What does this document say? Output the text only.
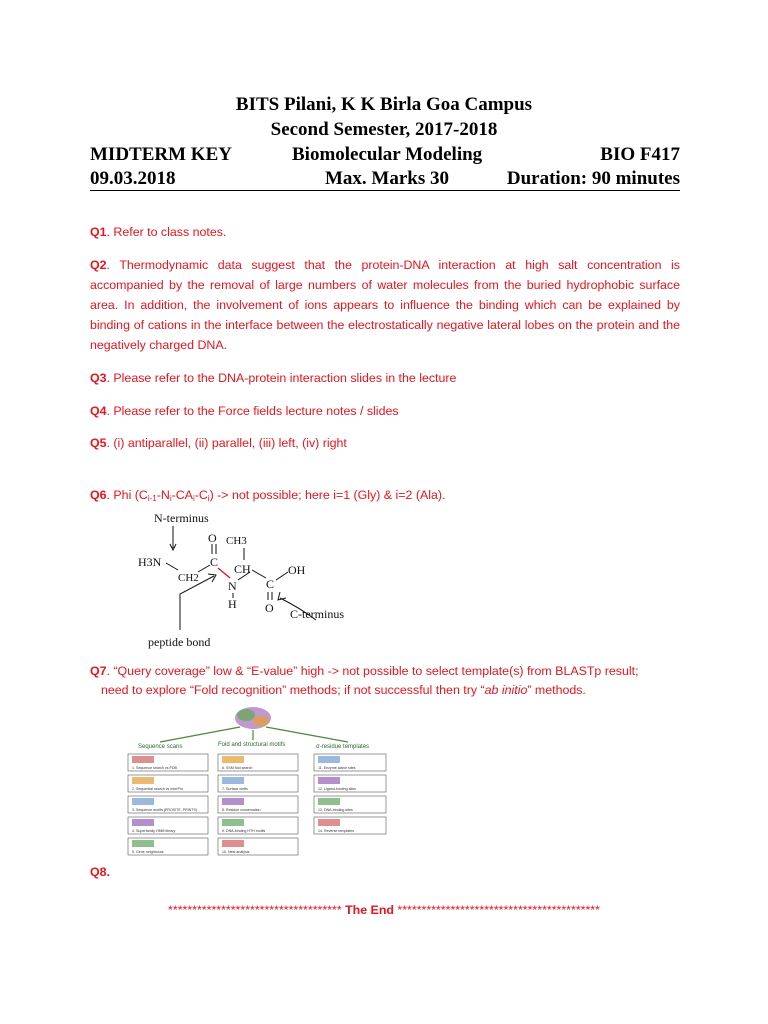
BITS Pilani, K K Birla Goa Campus
Second Semester, 2017-2018
MIDTERM KEY	Biomolecular Modeling	BIO F417
09.03.2018	Max. Marks 30	Duration: 90 minutes
Q1. Refer to class notes.
Q2. Thermodynamic data suggest that the protein-DNA interaction at high salt concentration is accompanied by the removal of large numbers of water molecules from the buried hydrophobic surface area. In addition, the involvement of ions appears to influence the binding which can be explained by binding of cations in the interface between the electrostatically negative lateral lobes on the protein and the negatively charged DNA.
Q3. Please refer to the DNA-protein interaction slides in the lecture
Q4. Please refer to the Force fields lecture notes / slides
Q5. (i) antiparallel, (ii) parallel, (iii) left, (iv) right
Q6. Phi $(C_{i-1}-N_i-CA_i-C_i)$ -> not possible; here i=1 (Gly) & i=2 (Ala).
N-terminus
H3N
CH2
C
O
N
H
CH3
CH
C
OH
O C-terminus
peptide bond
Q7. “Query coverage” low & “E-value” high -> not possible to select template(s) from BLASTp result;
need to explore “Fold recognition” methods; if not successful then try “ab initio” methods.
Sequence scans	Fold and structural motifs	σ-residue templates
1. Sequence search vs PDB
2. Sequential search vs InterPro
3. Sequence motifs (PROSITE, PRINTS)
4. Superfamily HMM library
5. Gene neighbours
6. SSM fold search
7. Surface clefts
8. Residue conservation
9. DNA-binding HTH motifs
10. Nest analysis
11. Enzyme active sites
12. Ligand-binding sites
13. DNA-binding sites
14. Reverse templates
Q8.
************************************ The End ******************************************
